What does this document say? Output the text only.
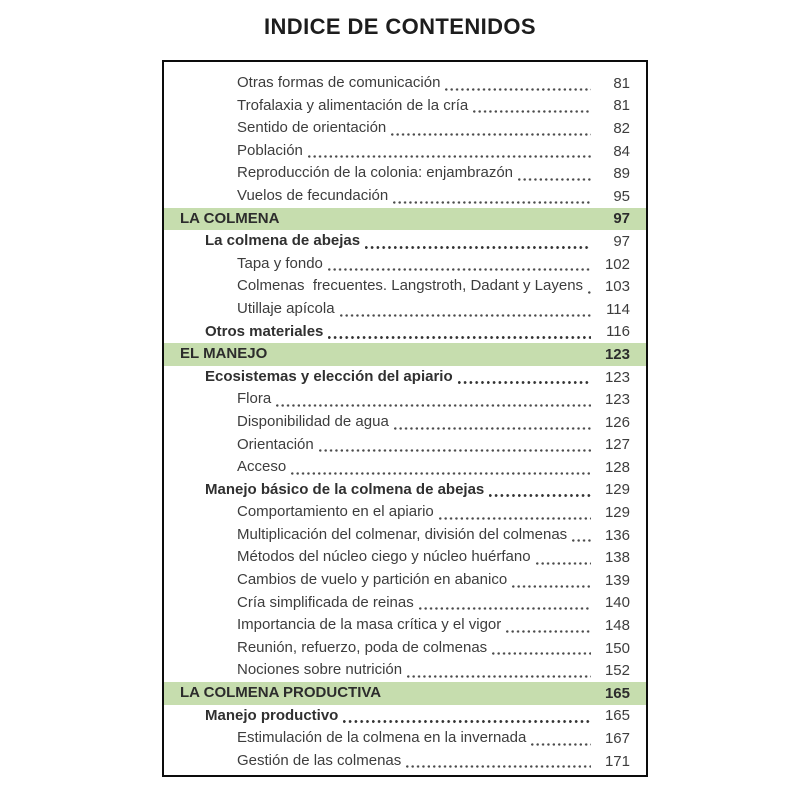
INDICE DE CONTENIDOS
Otras formas de comunicación	81
Trofalaxia y alimentación de la cría	81
Sentido de orientación	82
Población	84
Reproducción de la colonia: enjambrazón	89
Vuelos de fecundación	95
LA COLMENA	97
La colmena de abejas	97
Tapa y fondo	102
Colmenas  frecuentes. Langstroth, Dadant y Layens	103
Utillaje apícola	114
Otros materiales	116
EL MANEJO	123
Ecosistemas y elección del apiario	123
Flora	123
Disponibilidad de agua	126
Orientación	127
Acceso	128
Manejo básico de la colmena de abejas	129
Comportamiento en el apiario	129
Multiplicación del colmenar, división del colmenas	136
Métodos del núcleo ciego y núcleo huérfano	138
Cambios de vuelo y partición en abanico	139
Cría simplificada de reinas	140
Importancia de la masa crítica y el vigor	148
Reunión, refuerzo, poda de colmenas	150
Nociones sobre nutrición	152
LA COLMENA PRODUCTIVA	165
Manejo productivo	165
Estimulación de la colmena en la invernada	167
Gestión de las colmenas	171
